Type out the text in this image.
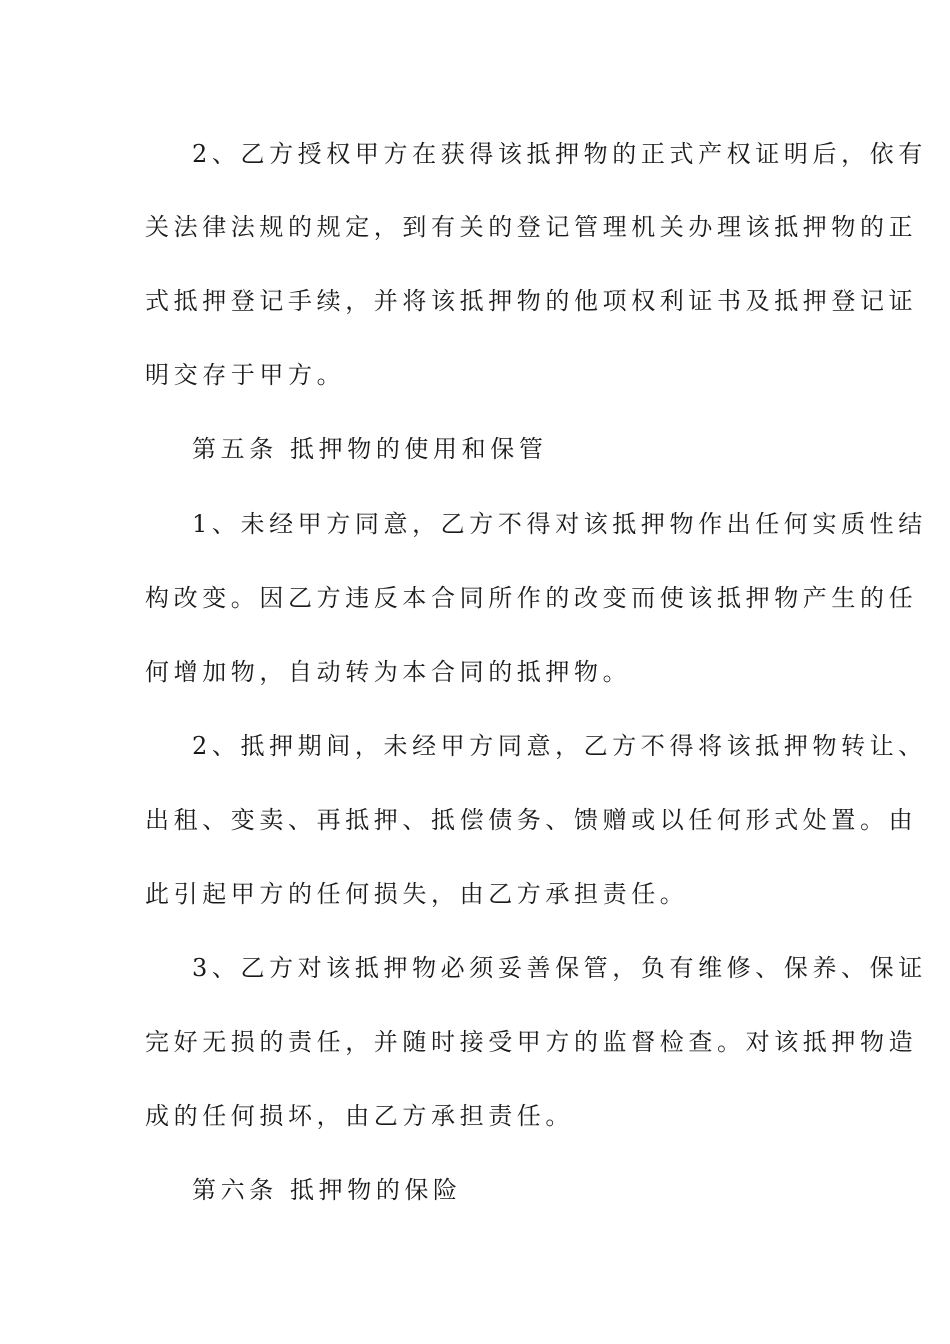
2、乙方授权甲方在获得该抵押物的正式产权证明后，依有
关法律法规的规定，到有关的登记管理机关办理该抵押物的正
式抵押登记手续，并将该抵押物的他项权利证书及抵押登记证
明交存于甲方。
第五条 抵押物的使用和保管
1、未经甲方同意，乙方不得对该抵押物作出任何实质性结
构改变。因乙方违反本合同所作的改变而使该抵押物产生的任
何增加物，自动转为本合同的抵押物。
2、抵押期间，未经甲方同意，乙方不得将该抵押物转让、
出租、变卖、再抵押、抵偿债务、馈赠或以任何形式处置。由
此引起甲方的任何损失，由乙方承担责任。
3、乙方对该抵押物必须妥善保管，负有维修、保养、保证
完好无损的责任，并随时接受甲方的监督检查。对该抵押物造
成的任何损坏，由乙方承担责任。
第六条 抵押物的保险
